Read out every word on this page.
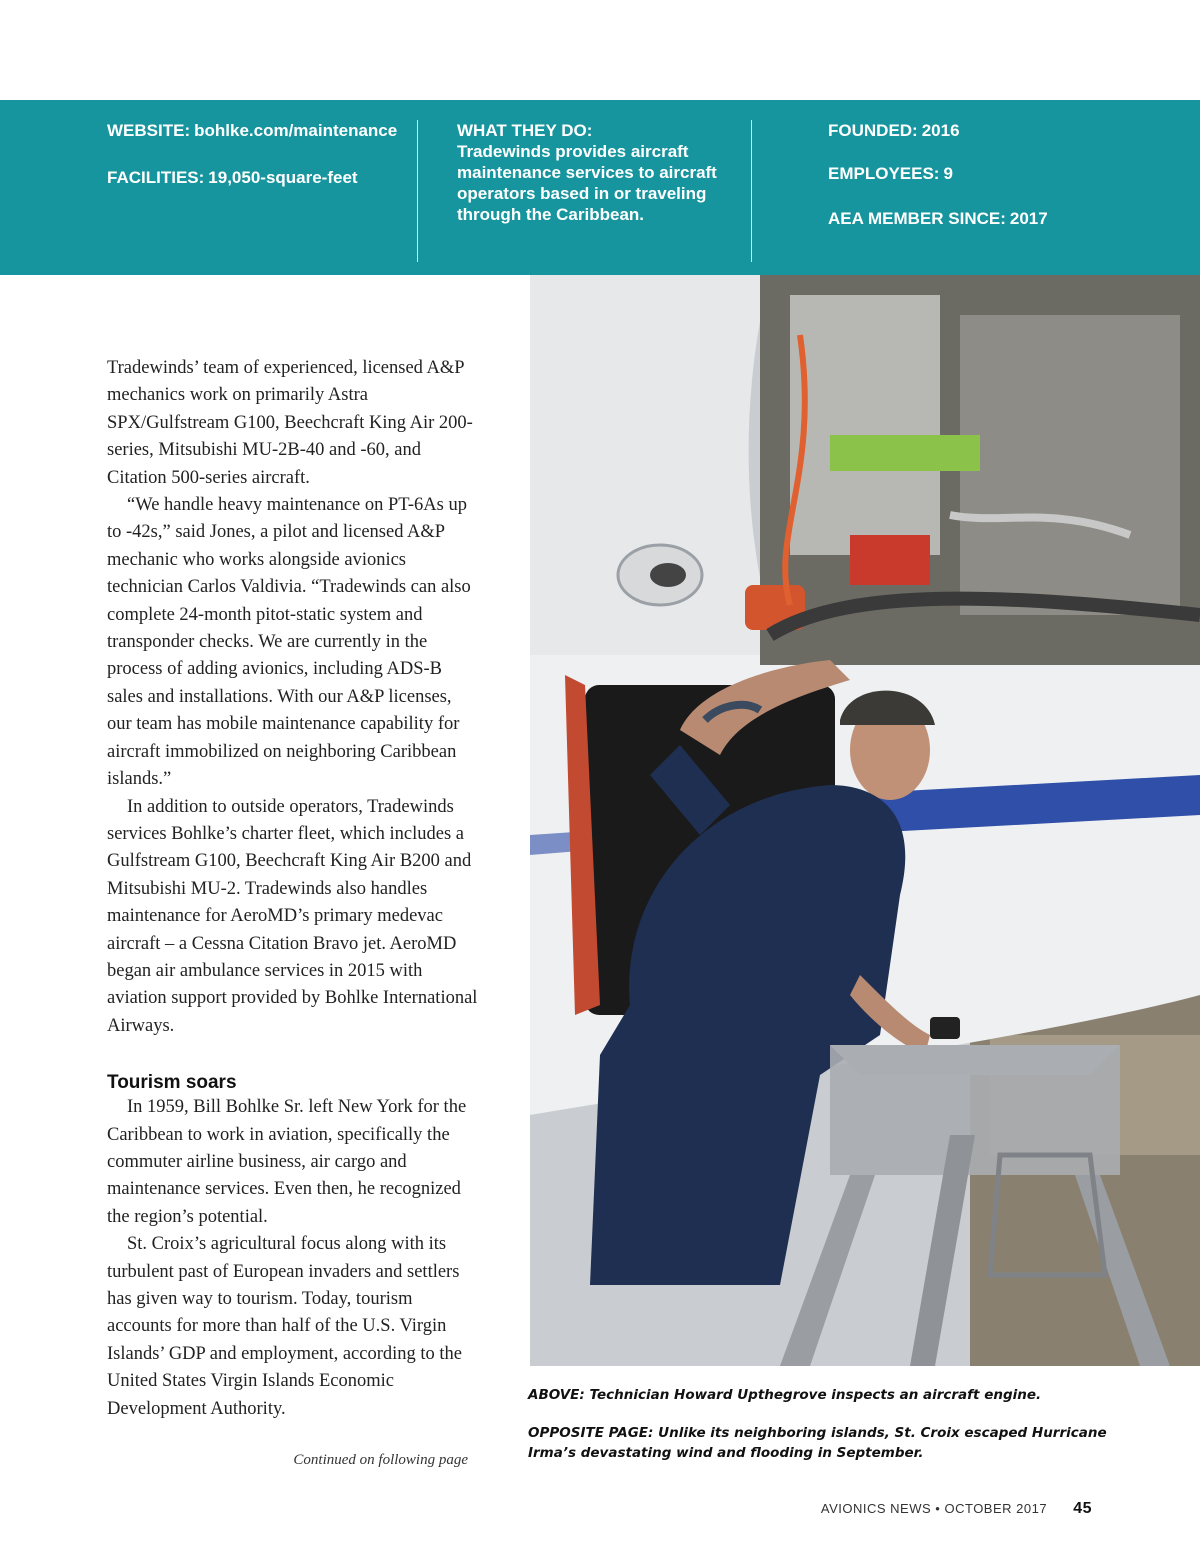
WEBSITE: bohlke.com/maintenance
FACILITIES: 19,050-square-feet
WHAT THEY DO:
Tradewinds provides aircraft maintenance services to aircraft operators based in or traveling through the Caribbean.
FOUNDED: 2016
EMPLOYEES: 9
AEA MEMBER SINCE: 2017

Tradewinds’ team of experienced, licensed A&P mechanics work on primarily Astra SPX/Gulfstream G100, Beechcraft King Air 200-series, Mitsubishi MU-2B-40 and -60, and Citation 500-series aircraft.

“We handle heavy maintenance on PT-6As up to -42s,” said Jones, a pilot and licensed A&P mechanic who works alongside avionics technician Carlos Valdivia. “Tradewinds can also complete 24-month pitot-static system and transponder checks. We are currently in the process of adding avionics, including ADS-B sales and installations. With our A&P licenses, our team has mobile maintenance capability for aircraft immobilized on neighboring Caribbean islands.”

In addition to outside operators, Tradewinds services Bohlke’s charter fleet, which includes a Gulfstream G100, Beechcraft King Air B200 and Mitsubishi MU-2. Tradewinds also handles maintenance for AeroMD’s primary medevac aircraft – a Cessna Citation Bravo jet. AeroMD began air ambulance services in 2015 with aviation support provided by Bohlke International Airways.

Tourism soars

In 1959, Bill Bohlke Sr. left New York for the Caribbean to work in aviation, specifically the commuter airline business, air cargo and maintenance services. Even then, he recognized the region’s potential.

St. Croix’s agricultural focus along with its turbulent past of European invaders and settlers has given way to tourism. Today, tourism accounts for more than half of the U.S. Virgin Islands’ GDP and employment, according to the United States Virgin Islands Economic Development Authority.

Continued on following page

ABOVE: Technician Howard Upthegrove inspects an aircraft engine.

OPPOSITE PAGE: Unlike its neighboring islands, St. Croix escaped Hurricane Irma’s devastating wind and flooding in September.

AVIONICS NEWS • OCTOBER 2017 45
